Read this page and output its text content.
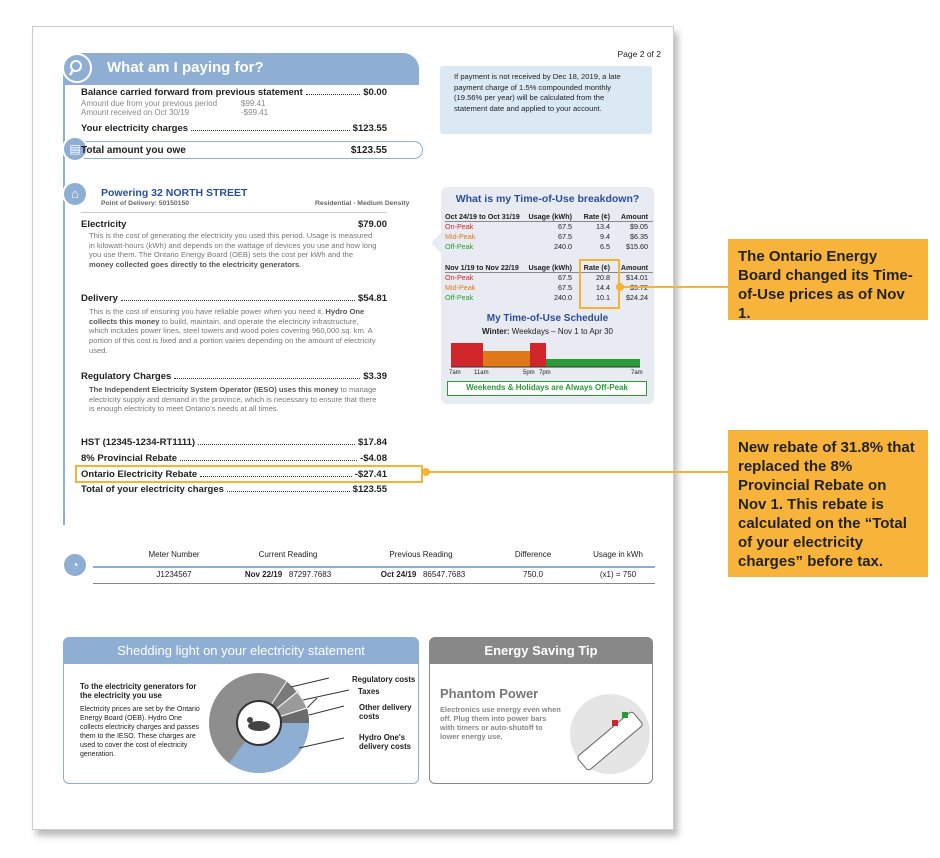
Page 2 of 2
What am I paying for?
If payment is not received by Dec 18, 2019, a late payment charge of 1.5% compounded monthly (19.56% per year) will be calculated from the statement date and applied to your account.
Balance carried forward from previous statement	$0.00
Amount due from your previous period	$99.41
Amount received on Oct 30/19	-$99.41
Your electricity charges	$123.55
▤ Total amount you owe	$123.55
⌂	Powering 32 NORTH STREET
Point of Delivery: 50150150	Residential - Medium Density
Electricity	$79.00
This is the cost of generating the electricity you used this period. Usage is measured in kilowatt-hours (kWh) and depends on the wattage of devices you use and how long you use them. The Ontario Energy Board (OEB) sets the cost per kWh and the money collected goes directly to the electricity generators.
Delivery	$54.81
This is the cost of ensuring you have reliable power when you need it. Hydro One collects this money to build, maintain, and operate the electricity infrastructure, which includes power lines, steel towers and wood poles covering 960,000 sq. km. A portion of this cost is fixed and a portion varies depending on the amount of electricity used.
Regulatory Charges	$3.39
The Independent Electricity System Operator (IESO) uses this money to manage electricity supply and demand in the province, which is necessary to ensure that there is enough electricity to meet Ontario's needs at all times.
HST (12345-1234-RT1111)	$17.84
8% Provincial Rebate	-$4.08
Ontario Electricity Rebate	-$27.41
Total of your electricity charges	$123.55
What is my Time-of-Use breakdown?
Oct 24/19 to Oct 31/19	Usage (kWh)	Rate (¢)	Amount
On-Peak	67.5	13.4	$9.05
Mid-Peak	67.5	9.4	$6.35
Off-Peak	240.0	6.5	$15.60
Nov 1/19 to Nov 22/19	Usage (kWh)	Rate (¢)	Amount
On-Peak	67.5	20.8	$14.01
Mid-Peak	67.5	14.4	$9.72
Off-Peak	240.0	10.1	$24.24
My Time-of-Use Schedule
Winter: Weekdays – Nov 1 to Apr 30
7am 11am	5pm 7pm	7am
Weekends & Holidays are Always Off-Peak
◔
Meter Number	Current Reading	Previous Reading	Difference	Usage in kWh
J1234567	Nov 22/19 87297.7683	Oct 24/19 86547.7683	750.0	(x1) = 750
Shedding light on your electricity statement
To the electricity generators for the electricity you use
Electricity prices are set by the Ontario Energy Board (OEB). Hydro One collects electricity charges and passes them to the IESO. These charges are used to cover the cost of electricity generation.
Regulatory costs
Taxes
Other delivery costs
Hydro One's delivery costs
Energy Saving Tip
Phantom Power
Electronics use energy even when off. Plug them into power bars with timers or auto-shutoff to lower energy use.
The Ontario Energy Board changed its Time-of-Use prices as of Nov 1.
New rebate of 31.8% that replaced the 8% Provincial Rebate on Nov 1. This rebate is calculated on the “Total of your electricity charges” before tax.
